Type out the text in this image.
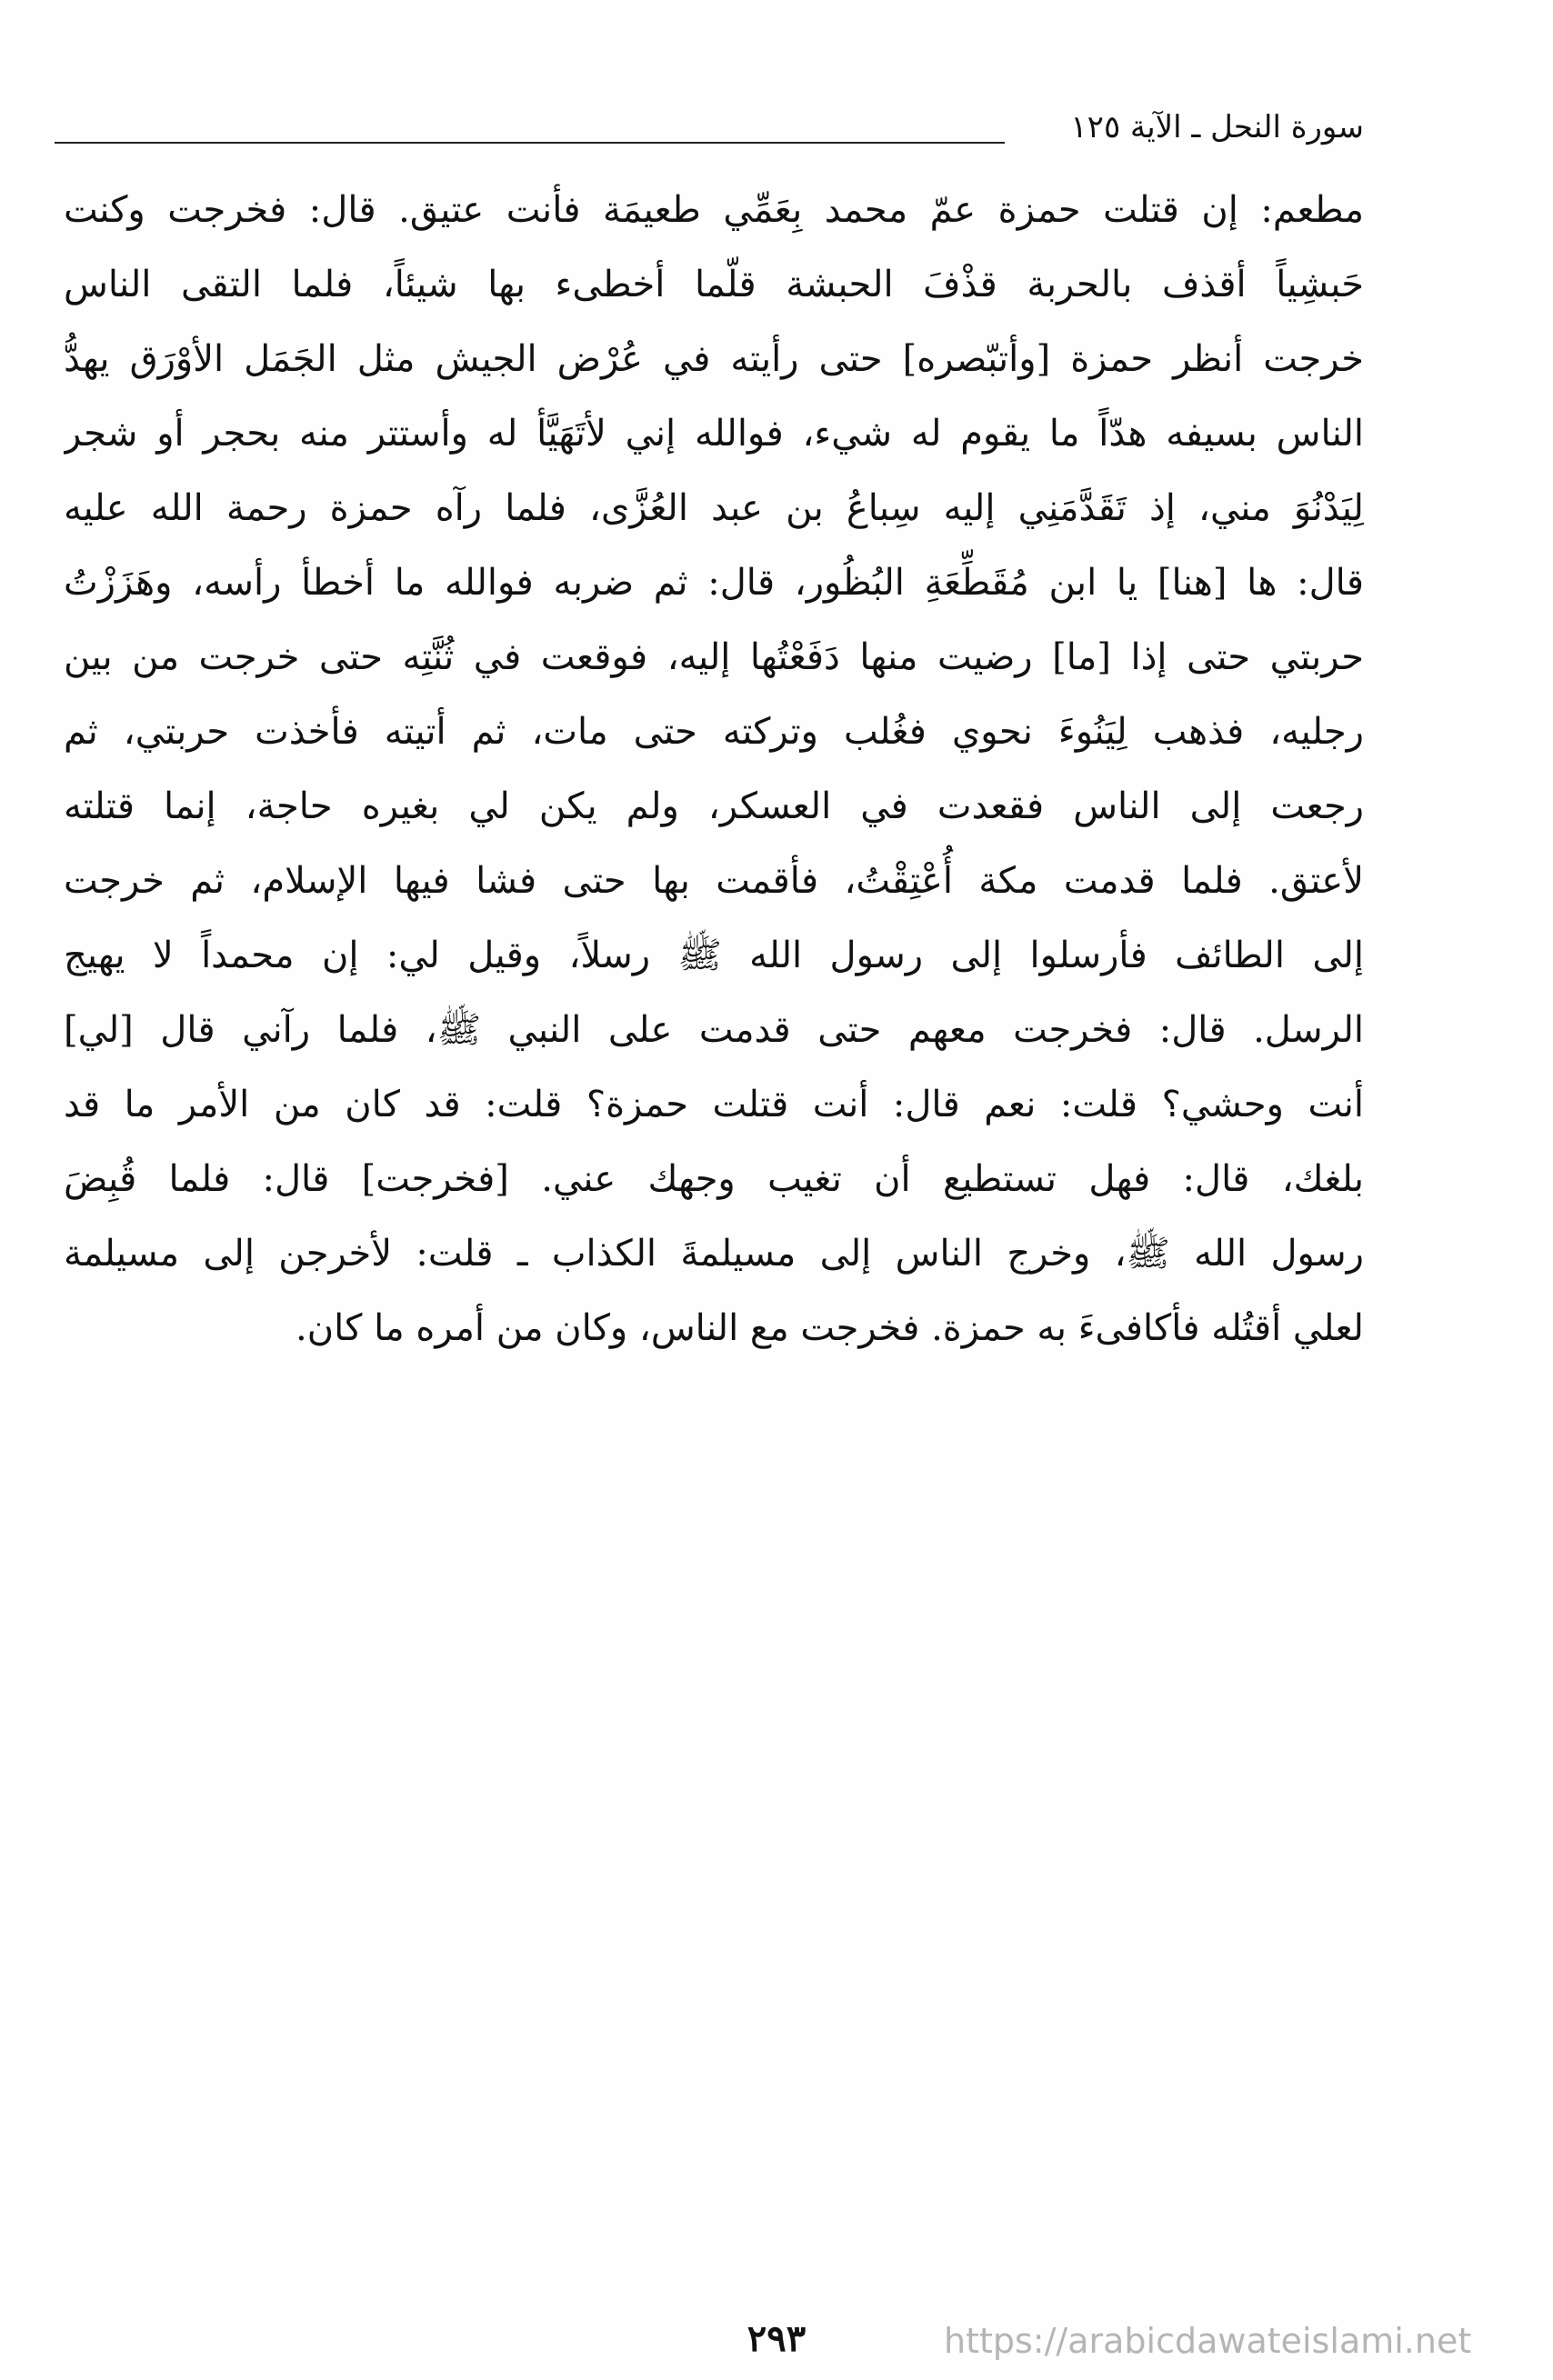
سورة النحل ـ الآية ١٢٥
مطعم: إن قتلت حمزة عمّ محمد بِعَمِّي طعيمَة فأنت عتيق. قال: فخرجت وكنت
حَبشِياً أقذف بالحربة قذْفَ الحبشة قلّما أخطىء بها شيئاً، فلما التقى الناس
خرجت أنظر حمزة [وأتبّصره] حتى رأيته في عُرْض الجيش مثل الجَمَل الأوْرَق يهدُّ
الناس بسيفه هدّاً ما يقوم له شيء، فوالله إني لأتَهَيَّأ له وأستتر منه بحجر أو شجر
لِيَدْنُوَ مني، إذ تَقَدَّمَنِي إليه سِباعُ بن عبد العُزَّى، فلما رآه حمزة رحمة الله عليه
قال: ها [هنا] يا ابن مُقَطِّعَةِ البُظُور، قال: ثم ضربه فوالله ما أخطأ رأسه، وهَزَزْتُ
حربتي حتى إذا [ما] رضيت منها دَفَعْتُها إليه، فوقعت في ثُنَّتِه حتى خرجت من بين
رجليه، فذهب لِيَنُوءَ نحوي فغُلب وتركته حتى مات، ثم أتيته فأخذت حربتي، ثم
رجعت إلى الناس فقعدت في العسكر، ولم يكن لي بغيره حاجة، إنما قتلته
لأعتق. فلما قدمت مكة أُعْتِقْتُ، فأقمت بها حتى فشا فيها الإسلام، ثم خرجت
إلى الطائف فأرسلوا إلى رسول الله ﷺ رسلاً، وقيل لي: إن محمداً لا يهيج
الرسل. قال: فخرجت معهم حتى قدمت على النبي ﷺ، فلما رآني قال [لي]
أنت وحشي؟ قلت: نعم قال: أنت قتلت حمزة؟ قلت: قد كان من الأمر ما قد
بلغك، قال: فهل تستطيع أن تغيب وجهك عني. [فخرجت] قال: فلما قُبِضَ
رسول الله ﷺ، وخرج الناس إلى مسيلمةَ الكذاب ـ قلت: لأخرجن إلى مسيلمة
لعلي أقتُله فأكافىءَ به حمزة. فخرجت مع الناس، وكان من أمره ما كان.
٢٩٣	https://arabicdawateislami.net
